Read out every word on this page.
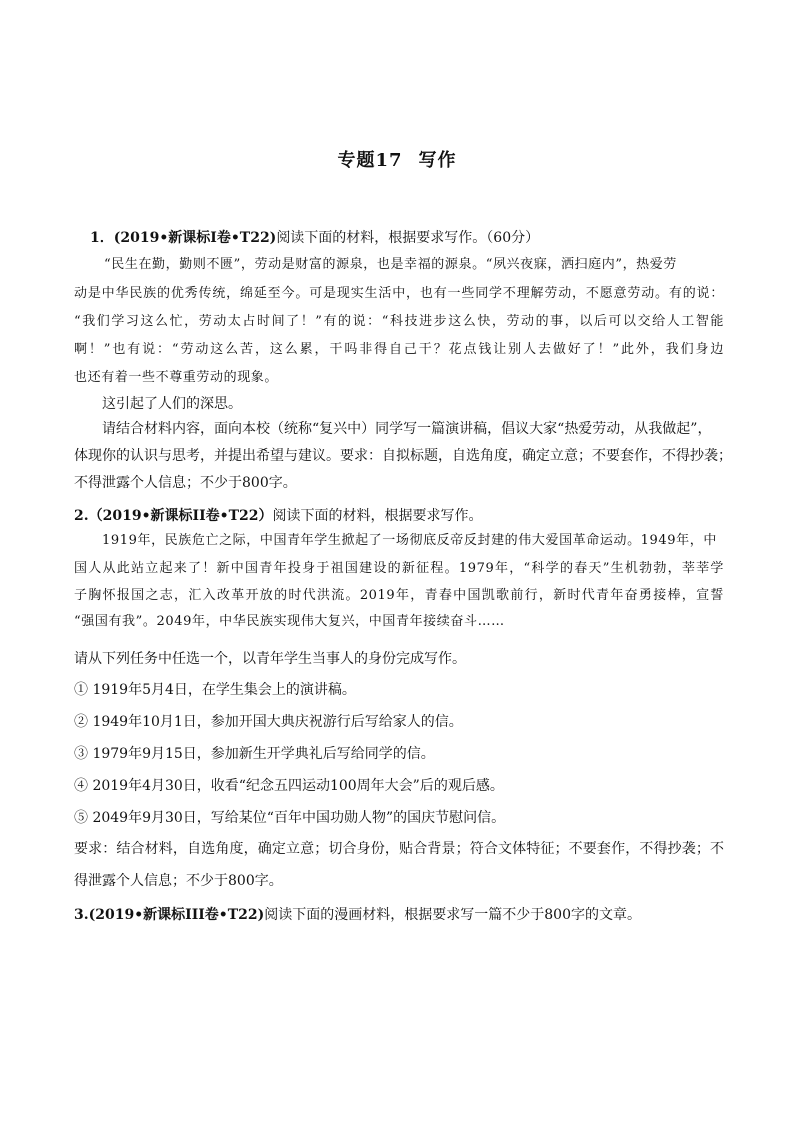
专题17 写作
1．(2019•新课标I卷•T22)阅读下面的材料，根据要求写作。（60分）
“民生在勤，勤则不匮”，劳动是财富的源泉，也是幸福的源泉。“夙兴夜寐，洒扫庭内”，热爱劳
动是中华民族的优秀传统，绵延至今。可是现实生活中，也有一些同学不理解劳动，不愿意劳动。有的说：
“我们学习这么忙，劳动太占时间了！”有的说：“科技进步这么快，劳动的事，以后可以交给人工智能
啊！”也有说：“劳动这么苦，这么累，干吗非得自己干？花点钱让别人去做好了！”此外，我们身边
也还有着一些不尊重劳动的现象。
这引起了人们的深思。
请结合材料内容，面向本校（统称“复兴中）同学写一篇演讲稿，倡议大家“热爱劳动，从我做起”，
体现你的认识与思考，并提出希望与建议。要求：自拟标题，自选角度，确定立意；不要套作，不得抄袭；
不得泄露个人信息；不少于800字。
2.（2019•新课标II卷•T22）阅读下面的材料，根据要求写作。
1919年，民族危亡之际，中国青年学生掀起了一场彻底反帝反封建的伟大爱国革命运动。1949年，中
国人从此站立起来了！新中国青年投身于祖国建设的新征程。1979年，“科学的春天”生机勃勃，莘莘学
子胸怀报国之志，汇入改革开放的时代洪流。2019年，青春中国凯歌前行，新时代青年奋勇接棒，宣誓
“强国有我”。2049年，中华民族实现伟大复兴，中国青年接续奋斗……
请从下列任务中任选一个，以青年学生当事人的身份完成写作。
① 1919年5月4日，在学生集会上的演讲稿。
② 1949年10月1日，参加开国大典庆祝游行后写给家人的信。
③ 1979年9月15日，参加新生开学典礼后写给同学的信。
④ 2019年4月30日，收看“纪念五四运动100周年大会”后的观后感。
⑤ 2049年9月30日，写给某位“百年中国功勋人物”的国庆节慰问信。
要求：结合材料，自选角度，确定立意；切合身份，贴合背景；符合文体特征；不要套作，不得抄袭；不
得泄露个人信息；不少于800字。
3.(2019•新课标III卷•T22)阅读下面的漫画材料，根据要求写一篇不少于800字的文章。
